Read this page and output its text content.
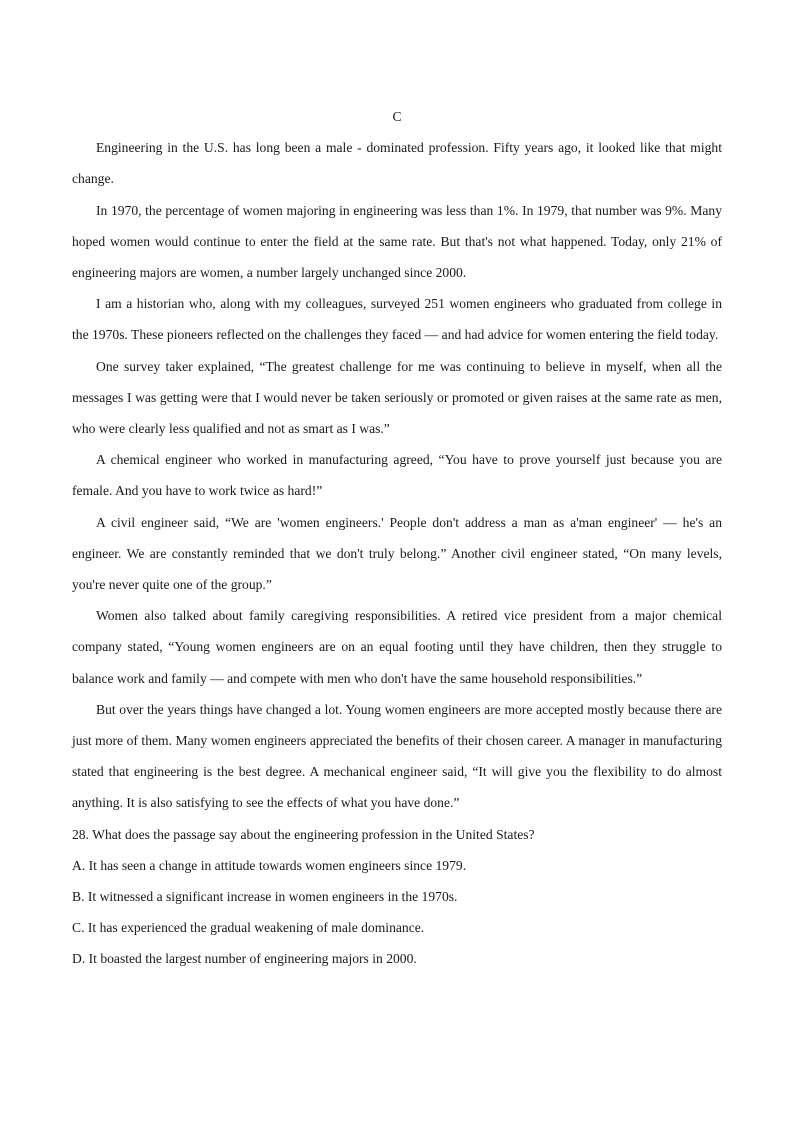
C

Engineering in the U.S. has long been a male - dominated profession. Fifty years ago, it looked like that might change.

In 1970, the percentage of women majoring in engineering was less than 1%. In 1979, that number was 9%. Many hoped women would continue to enter the field at the same rate. But that's not what happened. Today, only 21% of engineering majors are women, a number largely unchanged since 2000.

I am a historian who, along with my colleagues, surveyed 251 women engineers who graduated from college in the 1970s. These pioneers reflected on the challenges they faced — and had advice for women entering the field today.

One survey taker explained, “The greatest challenge for me was continuing to believe in myself, when all the messages I was getting were that I would never be taken seriously or promoted or given raises at the same rate as men, who were clearly less qualified and not as smart as I was.”

A chemical engineer who worked in manufacturing agreed, “You have to prove yourself just because you are female. And you have to work twice as hard!”

A civil engineer said, “We are 'women engineers.' People don't address a man as a'man engineer' — he's an engineer. We are constantly reminded that we don't truly belong.” Another civil engineer stated, “On many levels, you're never quite one of the group.”

Women also talked about family caregiving responsibilities. A retired vice president from a major chemical company stated, “Young women engineers are on an equal footing until they have children, then they struggle to balance work and family — and compete with men who don't have the same household responsibilities.”

But over the years things have changed a lot. Young women engineers are more accepted mostly because there are just more of them. Many women engineers appreciated the benefits of their chosen career. A manager in manufacturing stated that engineering is the best degree. A mechanical engineer said, “It will give you the flexibility to do almost anything. It is also satisfying to see the effects of what you have done.”

28. What does the passage say about the engineering profession in the United States?

A. It has seen a change in attitude towards women engineers since 1979.
B. It witnessed a significant increase in women engineers in the 1970s.
C. It has experienced the gradual weakening of male dominance.
D. It boasted the largest number of engineering majors in 2000.
